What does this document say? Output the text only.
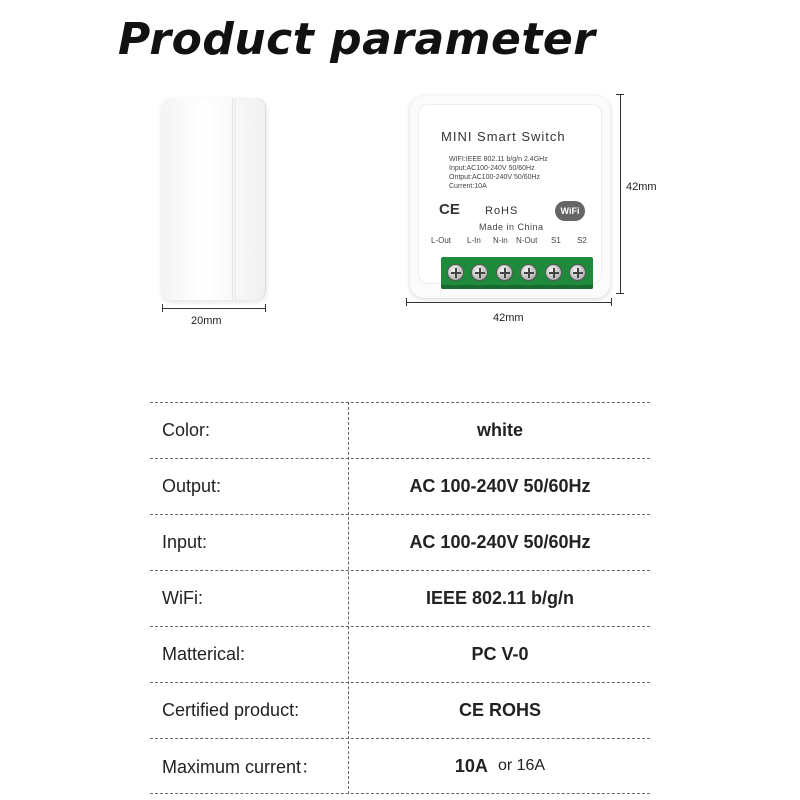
Product parameter
20mm
MINI Smart Switch
WIFI:IEEE 802.11 b/g/n 2.4GHz
Input:AC100-240V 50/60Hz
Ontput:AC100-240V 50/60Hz
Current:10A
CE RoHS	WiFi
Made in China
L-Out L-In N-in N-Out S1 S2
42mm
42mm
Color:	white
Output:	AC 100-240V 50/60Hz
Input:	AC 100-240V 50/60Hz
WiFi:	IEEE 802.11 b/g/n
Matterical:	PC V-0
Certified product:	CE ROHS
Maximum current：	10A or 16A
